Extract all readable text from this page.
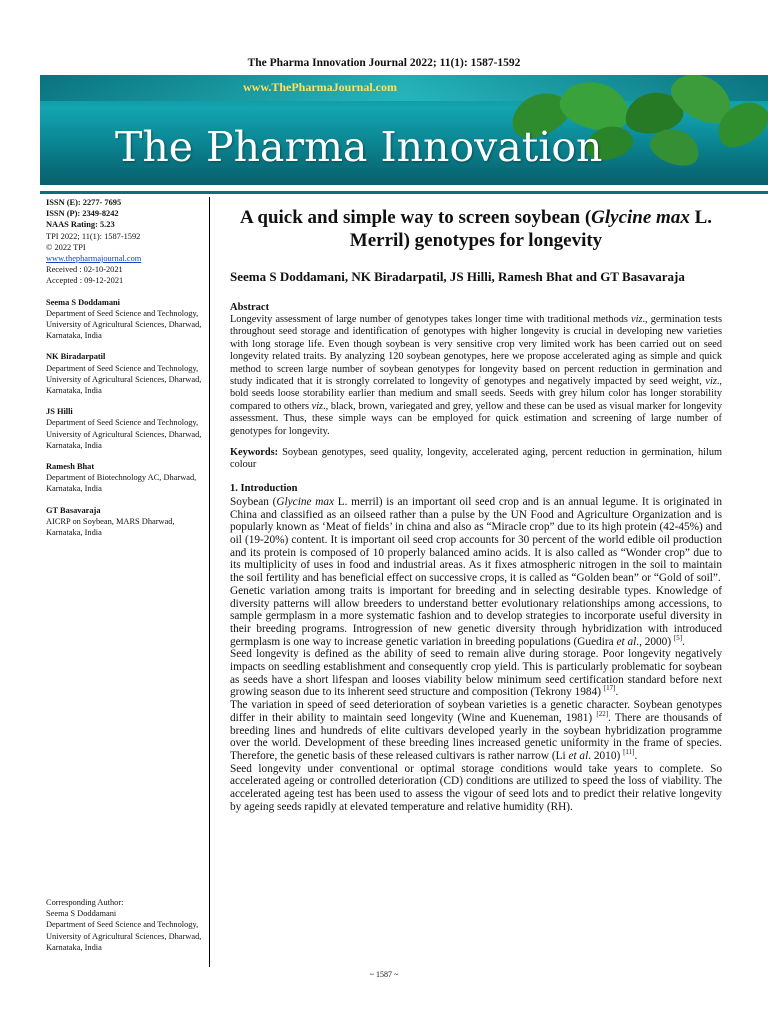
The Pharma Innovation Journal 2022; 11(1): 1587-1592
www.ThePharmaJournal.com
The Pharma Innovation
ISSN (E): 2277- 7695
ISSN (P): 2349-8242
NAAS Rating: 5.23
TPI 2022; 11(1): 1587-1592
© 2022 TPI
www.thepharmajournal.com
Received : 02-10-2021
Accepted : 09-12-2021
Seema S Doddamani
Department of Seed Science and Technology, University of Agricultural Sciences, Dharwad, Karnataka, India
NK Biradarpatil
Department of Seed Science and Technology, University of Agricultural Sciences, Dharwad, Karnataka, India
JS Hilli
Department of Seed Science and Technology, University of Agricultural Sciences, Dharwad, Karnataka, India
Ramesh Bhat
Department of Biotechnology AC, Dharwad, Karnataka, India
GT Basavaraja
AICRP on Soybean, MARS Dharwad, Karnataka, India
Corresponding Author:
Seema S Doddamani
Department of Seed Science and Technology, University of Agricultural Sciences, Dharwad, Karnataka, India
A quick and simple way to screen soybean (Glycine max L. Merril) genotypes for longevity
Seema S Doddamani, NK Biradarpatil, JS Hilli, Ramesh Bhat and GT Basavaraja
Abstract

Longevity assessment of large number of genotypes takes longer time with traditional methods viz., germination tests throughout seed storage and identification of genotypes with higher longevity is crucial in developing new varieties with long storage life. Even though soybean is very sensitive crop very limited work has been carried out on seed longevity related traits. By analyzing 120 soybean genotypes, here we propose accelerated aging as simple and quick method to screen large number of soybean genotypes for longevity based on percent reduction in germination and study indicated that it is strongly correlated to longevity of genotypes and negatively impacted by seed weight, viz., bold seeds loose storability earlier than medium and small seeds. Seeds with grey hilum color has longer storability compared to others viz., black, brown, variegated and grey, yellow and these can be used as visual marker for longevity assessment. Thus, these simple ways can be employed for quick estimation and screening of large number of genotypes for longevity.

Keywords: Soybean genotypes, seed quality, longevity, accelerated aging, percent reduction in germination, hilum colour

1. Introduction

Soybean (Glycine max L. merril) is an important oil seed crop and is an annual legume. It is originated in China and classified as an oilseed rather than a pulse by the UN Food and Agriculture Organization and is popularly known as ‘Meat of fields’ in china and also as “Miracle crop” due to its high protein (42-45%) and oil (19-20%) content. It is important oil seed crop accounts for 30 percent of the world edible oil production and its protein is composed of 10 properly balanced amino acids. It is also called as “Wonder crop” due to its multiplicity of uses in food and industrial areas. As it fixes atmospheric nitrogen in the soil to maintain the soil fertility and has beneficial effect on successive crops, it is called as “Golden bean” or “Gold of soil”.

Genetic variation among traits is important for breeding and in selecting desirable types. Knowledge of diversity patterns will allow breeders to understand better evolutionary relationships among accessions, to sample germplasm in a more systematic fashion and to develop strategies to incorporate useful diversity in their breeding programs. Introgression of new genetic diversity through hybridization with introduced germplasm is one way to increase genetic variation in breeding populations (Guedira et al., 2000) [5].

Seed longevity is defined as the ability of seed to remain alive during storage. Poor longevity negatively impacts on seedling establishment and consequently crop yield. This is particularly problematic for soybean as seeds have a short lifespan and looses viability below minimum seed certification standard before next growing season due to its inherent seed structure and composition (Tekrony 1984) [17].

The variation in speed of seed deterioration of soybean varieties is a genetic character. Soybean genotypes differ in their ability to maintain seed longevity (Wine and Kueneman, 1981) [22]. There are thousands of breeding lines and hundreds of elite cultivars developed yearly in the soybean hybridization programme over the world. Development of these breeding lines increased genetic uniformity in the frame of species. Therefore, the genetic basis of these released cultivars is rather narrow (Li et al. 2010) [11].

Seed longevity under conventional or optimal storage conditions would take years to complete. So accelerated ageing or controlled deterioration (CD) conditions are utilized to speed the loss of viability. The accelerated ageing test has been used to assess the vigour of seed lots and to predict their relative longevity by ageing seeds rapidly at elevated temperature and relative humidity (RH).

~ 1587 ~
